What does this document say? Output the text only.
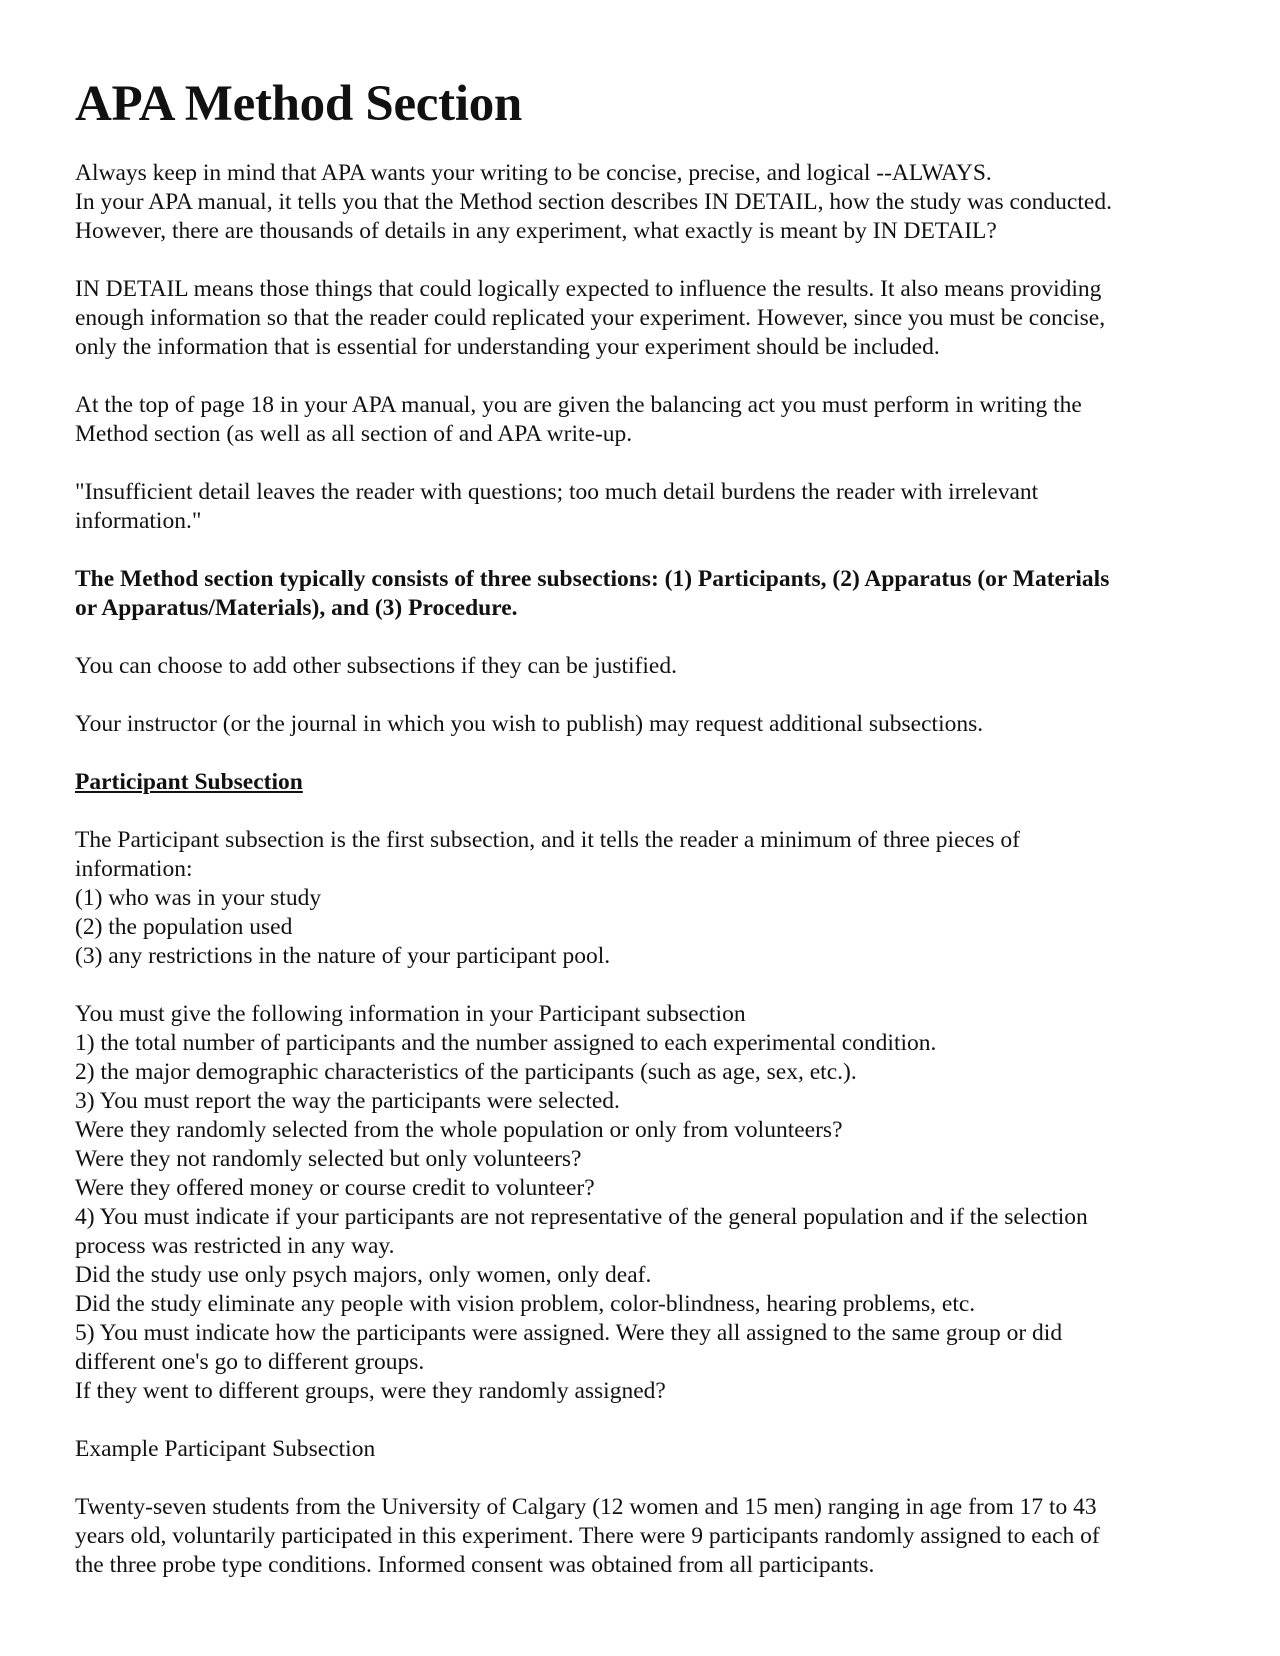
APA Method Section
Always keep in mind that APA wants your writing to be concise, precise, and logical --ALWAYS.
In your APA manual, it tells you that the Method section describes IN DETAIL, how the study was conducted.
However, there are thousands of details in any experiment, what exactly is meant by IN DETAIL?
IN DETAIL means those things that could logically expected to influence the results. It also means providing
enough information so that the reader could replicated your experiment. However, since you must be concise,
only the information that is essential for understanding your experiment should be included.
At the top of page 18 in your APA manual, you are given the balancing act you must perform in writing the
Method section (as well as all section of and APA write-up.
"Insufficient detail leaves the reader with questions; too much detail burdens the reader with irrelevant
information."
The Method section typically consists of three subsections: (1) Participants, (2) Apparatus (or Materials
or Apparatus/Materials), and (3) Procedure.
You can choose to add other subsections if they can be justified.
Your instructor (or the journal in which you wish to publish) may request additional subsections.
Participant Subsection
The Participant subsection is the first subsection, and it tells the reader a minimum of three pieces of
information:
(1) who was in your study
(2) the population used
(3) any restrictions in the nature of your participant pool.
You must give the following information in your Participant subsection
1) the total number of participants and the number assigned to each experimental condition.
2) the major demographic characteristics of the participants (such as age, sex, etc.).
3) You must report the way the participants were selected.
Were they randomly selected from the whole population or only from volunteers?
Were they not randomly selected but only volunteers?
Were they offered money or course credit to volunteer?
4) You must indicate if your participants are not representative of the general population and if the selection
process was restricted in any way.
Did the study use only psych majors, only women, only deaf.
Did the study eliminate any people with vision problem, color-blindness, hearing problems, etc.
5) You must indicate how the participants were assigned. Were they all assigned to the same group or did
different one's go to different groups.
If they went to different groups, were they randomly assigned?
Example Participant Subsection
Twenty-seven students from the University of Calgary (12 women and 15 men) ranging in age from 17 to 43
years old, voluntarily participated in this experiment. There were 9 participants randomly assigned to each of
the three probe type conditions. Informed consent was obtained from all participants.
